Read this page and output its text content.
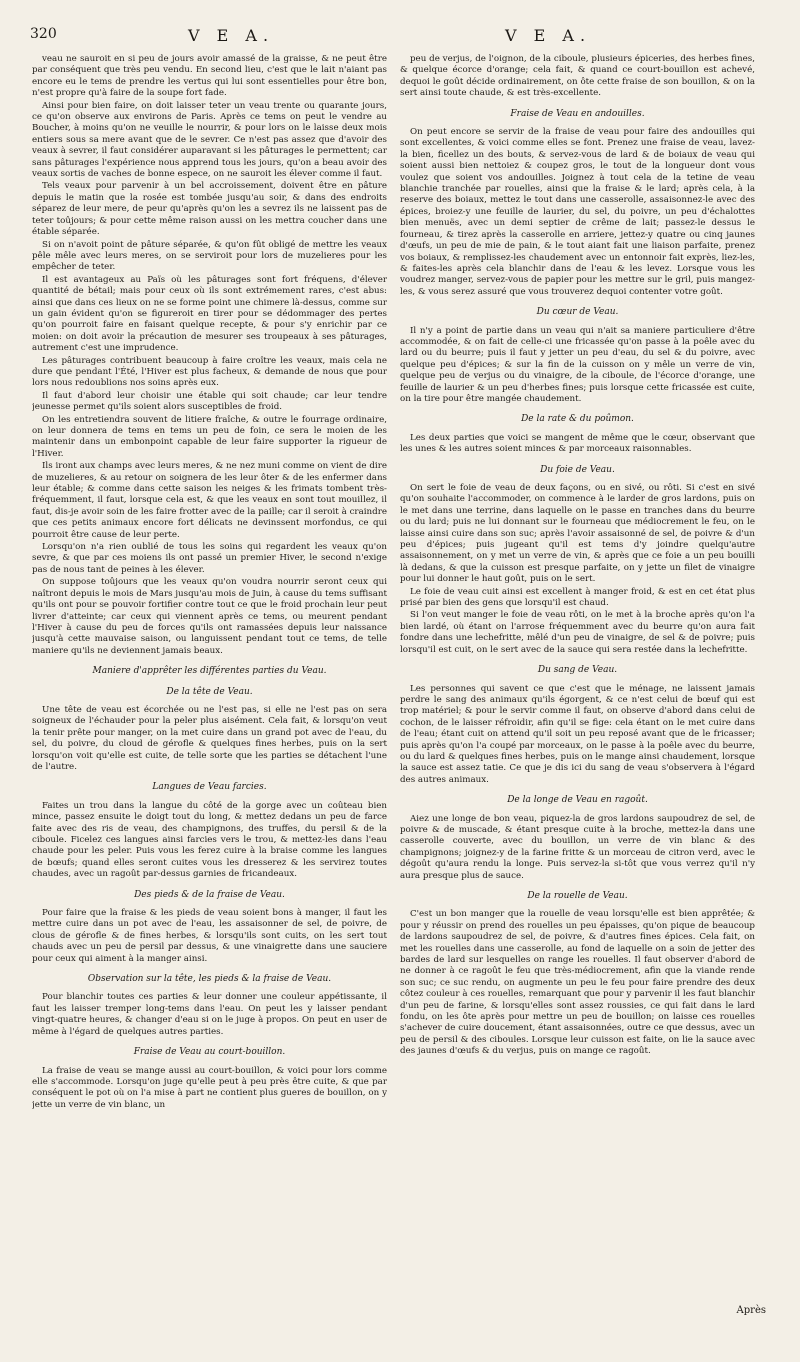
320	V E A.	V E A.

veau ne sauroit en si peu de jours avoir amassé de la graisse, & ne peut être par conséquent que très peu vendu. En second lieu, c'est que le lait n'aiant pas encore eu le tems de prendre les vertus qui lui sont essentielles pour être bon, n'est propre qu'à faire de la soupe fort fade.

Ainsi pour bien faire, on doit laisser teter un veau trente ou quarante jours, ce qu'on observe aux environs de Paris. Après ce tems on peut le vendre au Boucher, à moins qu'on ne veuille le nourrir, & pour lors on le laisse deux mois entiers sous sa mere avant que de le sevrer. Ce n'est pas assez que d'avoir des veaux à sevrer, il faut considérer auparavant si les pâturages le permettent; car sans pâturages l'expérience nous apprend tous les jours, qu'on a beau avoir des veaux sortis de vaches de bonne espece, on ne sauroit les élever comme il faut.

Tels veaux pour parvenir à un bel accroissement, doivent être en pâture depuis le matin que la rosée est tombée jusqu'au soir, & dans des endroits séparez de leur mere, de peur qu'après qu'on les a sevrez ils ne laissent pas de teter toûjours; & pour cette même raison aussi on les mettra coucher dans une étable séparée.

Si on n'avoit point de pâture séparée, & qu'on fût obligé de mettre les veaux pêle mêle avec leurs meres, on se serviroit pour lors de muzelieres pour les empêcher de teter.

Il est avantageux au Païs où les pâturages sont fort fréquens, d'élever quantité de bétail; mais pour ceux où ils sont extrémement rares, c'est abus: ainsi que dans ces lieux on ne se forme point une chimere là-dessus, comme sur un gain évident qu'on se figureroit en tirer pour se dédommager des pertes qu'on pourroit faire en faisant quelque recepte, & pour s'y enrichir par ce moien: on doit avoir la précaution de mesurer ses troupeaux à ses pâturages, autrement c'est une imprudence.

Les pâturages contribuent beaucoup à faire croître les veaux, mais cela ne dure que pendant l'Été, l'Hiver est plus facheux, & demande de nous que pour lors nous redoublions nos soins après eux.

Il faut d'abord leur choisir une étable qui soit chaude; car leur tendre jeunesse permet qu'ils soient alors susceptibles de froid.

On les entretiendra souvent de litiere fraîche, & outre le fourrage ordinaire, on leur donnera de tems en tems un peu de foin, ce sera le moien de les maintenir dans un embonpoint capable de leur faire supporter la rigueur de l'Hiver.

Ils iront aux champs avec leurs meres, & ne nez muni comme on vient de dire de muzelieres, & au retour on soignera de les leur ôter & de les enfermer dans leur étable; & comme dans cette saison les neiges & les frimats tombent très-fréquemment, il faut, lorsque cela est, & que les veaux en sont tout mouillez, il faut, dis-je avoir soin de les faire frotter avec de la paille; car il seroit à craindre que ces petits animaux encore fort délicats ne devinssent morfondus, ce qui pourroit être cause de leur perte.

Lorsqu'on n'a rien oublié de tous les soins qui regardent les veaux qu'on sevre, & que par ces moiens ils ont passé un premier Hiver, le second n'exige pas de nous tant de peines à les élever.

On suppose toûjours que les veaux qu'on voudra nourrir seront ceux qui naîtront depuis le mois de Mars jusqu'au mois de Juin, à cause du tems suffisant qu'ils ont pour se pouvoir fortifier contre tout ce que le froid prochain leur peut livrer d'atteinte; car ceux qui viennent après ce tems, ou meurent pendant l'Hiver à cause du peu de forces qu'ils ont ramassées depuis leur naissance jusqu'à cette mauvaise saison, ou languissent pendant tout ce tems, de telle maniere qu'ils ne deviennent jamais beaux.

Maniere d'apprêter les différentes parties du Veau.
De la tête de Veau.

Une tête de veau est écorchée ou ne l'est pas, si elle ne l'est pas on sera soigneux de l'échauder pour la peler plus aisément. Cela fait, & lorsqu'on veut la tenir prête pour manger, on la met cuire dans un grand pot avec de l'eau, du sel, du poivre, du cloud de gérofle & quelques fines herbes, puis on la sert lorsqu'on voit qu'elle est cuite, de telle sorte que les parties se détachent l'une de l'autre.

Langues de Veau farcies.

Faites un trou dans la langue du côté de la gorge avec un coûteau bien mince, passez ensuite le doigt tout du long, & mettez dedans un peu de farce faite avec des ris de veau, des champignons, des truffes, du persil & de la ciboule. Ficelez ces langues ainsi farcies vers le trou, & mettez-les dans l'eau chaude pour les peler. Puis vous les ferez cuire à la braise comme les langues de bœufs; quand elles seront cuites vous les dresserez & les servirez toutes chaudes, avec un ragoût par-dessus garnies de fricandeaux.

Des pieds & de la fraise de Veau.

Pour faire que la fraise & les pieds de veau soient bons à manger, il faut les mettre cuire dans un pot avec de l'eau, les assaisonner de sel, de poivre, de clous de gérofle & de fines herbes, & lorsqu'ils sont cuits, on les sert tout chauds avec un peu de persil par dessus, & une vinaigrette dans une sauciere pour ceux qui aiment à la manger ainsi.

Observation sur la tête, les pieds & la fraise de Veau.

Pour blanchir toutes ces parties & leur donner une couleur appétissante, il faut les laisser tremper long-tems dans l'eau. On peut les y laisser pendant vingt-quatre heures, & changer d'eau si on le juge à propos. On peut en user de même à l'égard de quelques autres parties.

Fraise de Veau au court-bouillon.

La fraise de veau se mange aussi au court-bouillon, & voici pour lors comme elle s'accommode. Lorsqu'on juge qu'elle peut à peu près être cuite, & que par conséquent le pot où on l'a mise à part ne contient plus gueres de bouillon, on y jette un verre de vin blanc, un

peu de verjus, de l'oignon, de la ciboule, plusieurs épiceries, des herbes fines, & quelque écorce d'orange; cela fait, & quand ce court-bouillon est achevé, dequoi le goût décide ordinairement, on ôte cette fraise de son bouillon, & on la sert ainsi toute chaude, & est très-excellente.

Fraise de Veau en andouilles.

On peut encore se servir de la fraise de veau pour faire des andouilles qui sont excellentes, & voici comme elles se font. Prenez une fraise de veau, lavez-la bien, ficellez un des bouts, & servez-vous de lard & de boiaux de veau qui soient aussi bien nettoiez & coupez gros, le tout de la longueur dont vous voulez que soient vos andouilles. Joignez à tout cela de la tetine de veau blanchie tranchée par rouelles, ainsi que la fraise & le lard; après cela, à la reserve des boiaux, mettez le tout dans une casserolle, assaisonnez-le avec des épices, broiez-y une feuille de laurier, du sel, du poivre, un peu d'échalottes bien menuës, avec un demi septier de crême de lait; passez-le dessus le fourneau, & tirez après la casserolle en arriere, jettez-y quatre ou cinq jaunes d'œufs, un peu de mie de pain, & le tout aiant fait une liaison parfaite, prenez vos boiaux, & remplissez-les chaudement avec un entonnoir fait exprès, liez-les, & faites-les après cela blanchir dans de l'eau & les levez. Lorsque vous les voudrez manger, servez-vous de papier pour les mettre sur le gril, puis mangez-les, & vous serez assuré que vous trouverez dequoi contenter votre goût.

Du cœur de Veau.

Il n'y a point de partie dans un veau qui n'ait sa maniere particuliere d'être accommodée, & on fait de celle-ci une fricassée qu'on passe à la poêle avec du lard ou du beurre; puis il faut y jetter un peu d'eau, du sel & du poivre, avec quelque peu d'épices; & sur la fin de la cuisson on y mêle un verre de vin, quelque peu de verjus ou du vinaigre, de la ciboule, de l'écorce d'orange, une feuille de laurier & un peu d'herbes fines; puis lorsque cette fricassée est cuite, on la tire pour être mangée chaudement.

De la rate & du poûmon.

Les deux parties que voici se mangent de même que le cœur, observant que les unes & les autres soient minces & par morceaux raisonnables.

Du foie de Veau.

On sert le foie de veau de deux façons, ou en sivé, ou rôti. Si c'est en sivé qu'on souhaite l'accommoder, on commence à le larder de gros lardons, puis on le met dans une terrine, dans laquelle on le passe en tranches dans du beurre ou du lard; puis ne lui donnant sur le fourneau que médiocrement le feu, on le laisse ainsi cuire dans son suc; après l'avoir assaisonné de sel, de poivre & d'un peu d'épices; puis jugeant qu'il est tems d'y joindre quelqu'autre assaisonnement, on y met un verre de vin, & après que ce foie a un peu bouilli là dedans, & que la cuisson est presque parfaite, on y jette un filet de vinaigre pour lui donner le haut goût, puis on le sert.

Le foie de veau cuit ainsi est excellent à manger froid, & est en cet état plus prisé par bien des gens que lorsqu'il est chaud.

Si l'on veut manger le foie de veau rôti, on le met à la broche après qu'on l'a bien lardé, où étant on l'arrose fréquemment avec du beurre qu'on aura fait fondre dans une lechefritte, mêlé d'un peu de vinaigre, de sel & de poivre; puis lorsqu'il est cuit, on le sert avec de la sauce qui sera restée dans la lechefritte.

Du sang de Veau.

Les personnes qui savent ce que c'est que le ménage, ne laissent jamais perdre le sang des animaux qu'ils égorgent, & ce n'est celui de bœuf qui est trop matériel; & pour le servir comme il faut, on observe d'abord dans celui de cochon, de le laisser réfroidir, afin qu'il se fige: cela étant on le met cuire dans de l'eau; étant cuit on attend qu'il soit un peu reposé avant que de le fricasser; puis après qu'on l'a coupé par morceaux, on le passe à la poêle avec du beurre, ou du lard & quelques fines herbes, puis on le mange ainsi chaudement, lorsque la sauce est assez tatie. Ce que je dis ici du sang de veau s'observera à l'égard des autres animaux.

De la longe de Veau en ragoût.

Aiez une longe de bon veau, piquez-la de gros lardons saupoudrez de sel, de poivre & de muscade, & étant presque cuite à la broche, mettez-la dans une casserolle couverte, avec du bouillon, un verre de vin blanc & des champignons; joignez-y de la farine fritte & un morceau de citron verd, avec le dégoût qu'aura rendu la longe. Puis servez-la si-tôt que vous verrez qu'il n'y aura presque plus de sauce.

De la rouelle de Veau.

C'est un bon manger que la rouelle de veau lorsqu'elle est bien apprêtée; & pour y réussir on prend des rouelles un peu épaisses, qu'on pique de beaucoup de lardons saupoudrez de sel, de poivre, & d'autres fines épices. Cela fait, on met les rouelles dans une casserolle, au fond de laquelle on a soin de jetter des bardes de lard sur lesquelles on range les rouelles. Il faut observer d'abord de ne donner à ce ragoût le feu que très-médiocrement, afin que la viande rende son suc; ce suc rendu, on augmente un peu le feu pour faire prendre des deux côtez couleur à ces rouelles, remarquant que pour y parvenir il les faut blanchir d'un peu de farine, & lorsqu'elles sont assez roussies, ce qui fait dans le lard fondu, on les ôte après pour mettre un peu de bouillon; on laisse ces rouelles s'achever de cuire doucement, étant assaisonnées, outre ce que dessus, avec un peu de persil & des ciboules. Lorsque leur cuisson est faite, on lie la sauce avec des jaunes d'œufs & du verjus, puis on mange ce ragoût.

Après
